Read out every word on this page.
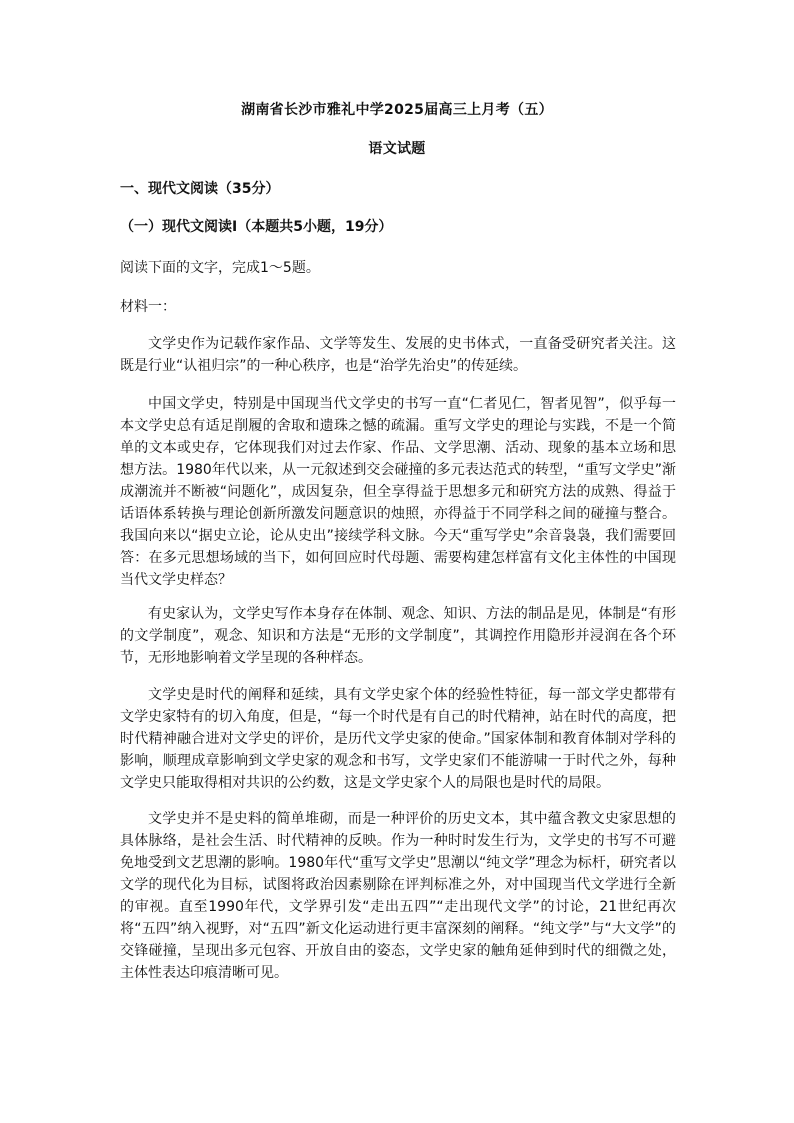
湖南省长沙市雅礼中学2025届高三上月考（五）
语文试题
一、现代文阅读（35分）
（一）现代文阅读Ⅰ（本题共5小题，19分）
阅读下面的文字，完成1～5题。
材料一：
文学史作为记载作家作品、文学等发生、发展的史书体式，一直备受研究者关注。这既是行业“认祖归宗”的一种心秩序，也是“治学先治史”的传延续。
中国文学史，特别是中国现当代文学史的书写一直“仁者见仁，智者见智”，似乎每一本文学史总有适足削履的舍取和遗珠之憾的疏漏。重写文学史的理论与实践，不是一个简单的文本或史存，它体现我们对过去作家、作品、文学思潮、活动、现象的基本立场和思想方法。1980年代以来，从一元叙述到交会碰撞的多元表达范式的转型，“重写文学史”渐成潮流并不断被“问题化”，成因复杂，但全享得益于思想多元和研究方法的成熟、得益于话语体系转换与理论创新所激发问题意识的烛照，亦得益于不同学科之间的碰撞与整合。我国向来以“据史立论，论从史出”接续学科文脉。今天“重写学史”余音袅袅，我们需要回答：在多元思想场域的当下，如何回应时代母题、需要构建怎样富有文化主体性的中国现当代文学史样态？
有史家认为，文学史写作本身存在体制、观念、知识、方法的制品是见，体制是“有形的文学制度”，观念、知识和方法是“无形的文学制度”，其调控作用隐形并浸润在各个环节，无形地影响着文学呈现的各种样态。
文学史是时代的阐释和延续，具有文学史家个体的经验性特征，每一部文学史都带有文学史家特有的切入角度，但是，“每一个时代是有自己的时代精神，站在时代的高度，把时代精神融合进对文学史的评价，是历代文学史家的使命。”国家体制和教育体制对学科的影响，顺理成章影响到文学史家的观念和书写，文学史家们不能游啸一于时代之外，每种文学史只能取得相对共识的公约数，这是文学史家个人的局限也是时代的局限。
文学史并不是史料的简单堆砌，而是一种评价的历史文本，其中蕴含教文史家思想的具体脉络，是社会生活、时代精神的反映。作为一种时时发生行为，文学史的书写不可避免地受到文艺思潮的影响。1980年代“重写文学史”思潮以“纯文学”理念为标杆，研究者以文学的现代化为目标，试图将政治因素剔除在评判标准之外，对中国现当代文学进行全新的审视。直至1990年代，文学界引发“走出五四”“走出现代文学”的讨论，21世纪再次将“五四”纳入视野，对“五四”新文化运动进行更丰富深刻的阐释。“纯文学”与“大文学”的交锋碰撞，呈现出多元包容、开放自由的姿态，文学史家的触角延伸到时代的细微之处，主体性表达印痕清晰可见。
